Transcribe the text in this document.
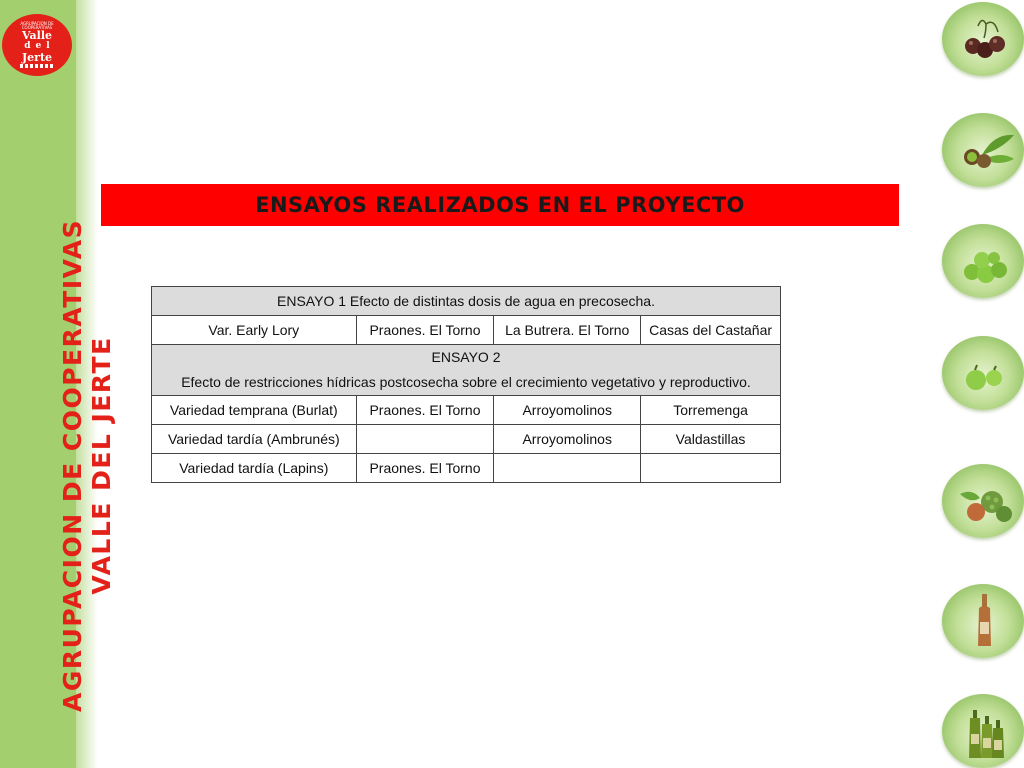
AGRUPACION DE COOPERATIVAS
Valle
del
Jerte
AGRUPACION DE COOPERATIVAS VALLE DEL JERTE
ENSAYOS REALIZADOS EN EL PROYECTO
ENSAYO 1 Efecto de distintas dosis de agua en precosecha.			
Var. Early Lory	Praones. El Torno	La Butrera. El Torno	Casas del Castañar

ENSAYO 2
Efecto de restricciones hídricas postcosecha sobre el crecimiento vegetativo y reproductivo.			

Variedad temprana (Burlat)	Praones. El Torno	Arroyomolinos	Torremenga
Variedad tardía (Ambrunés)		Arroyomolinos	Valdastillas
Variedad tardía (Lapins)	Praones. El Torno		
